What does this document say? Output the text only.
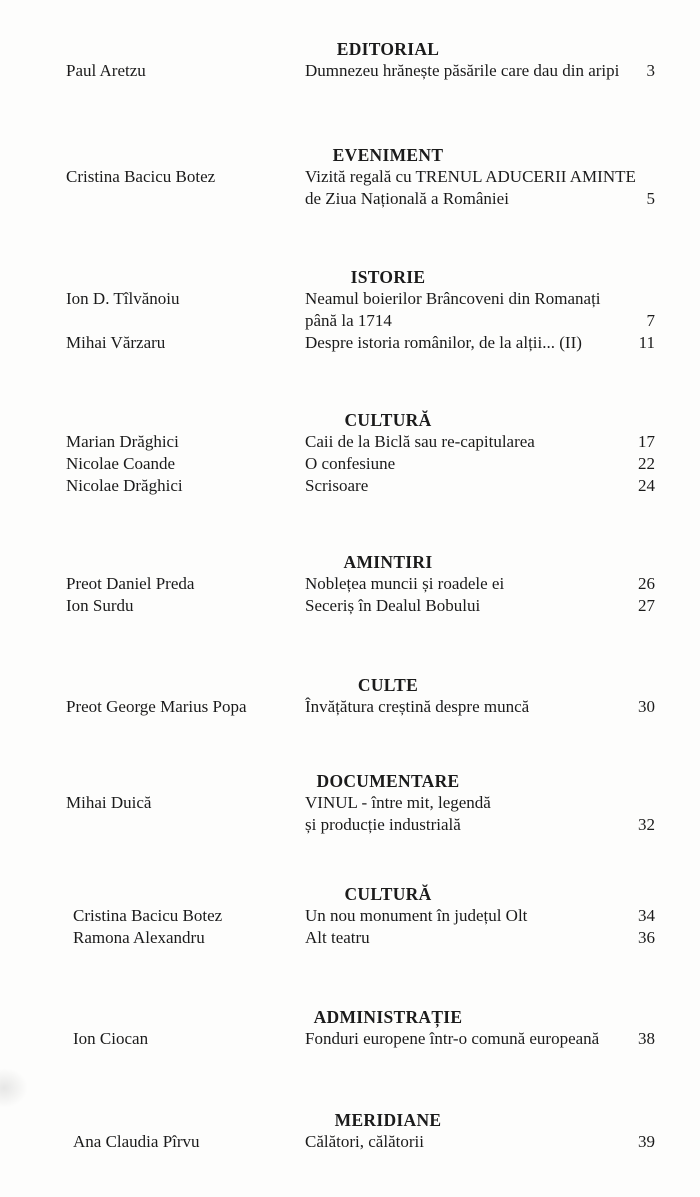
EDITORIAL
Paul Aretzu	Dumnezeu hrănește păsările care dau din aripi 3
EVENIMENT
Cristina Bacicu Botez	Vizită regală cu TRENUL ADUCERII AMINTE
de Ziua Națională a României	5
ISTORIE
Ion D. Tîlvănoiu	Neamul boierilor Brâncoveni din Romanați
până la 1714	7
Mihai Vărzaru	Despre istoria românilor, de la alții... (II)	11
CULTURĂ
Marian Drăghici	Caii de la Biclă sau re-capitularea	17
Nicolae Coande	O confesiune	22
Nicolae Drăghici	Scrisoare	24
AMINTIRI
Preot Daniel Preda	Noblețea muncii și roadele ei	26
Ion Surdu	Seceriș în Dealul Bobului	27
CULTE
Preot George Marius Popa	Învățătura creștină despre muncă	30
DOCUMENTARE
Mihai Duică	VINUL - între mit, legendă
și producție industrială	32
CULTURĂ
Cristina Bacicu Botez	Un nou monument în județul Olt	34
Ramona Alexandru	Alt teatru	36
ADMINISTRAȚIE
Ion Ciocan	Fonduri europene într-o comună europeană 38
MERIDIANE
Ana Claudia Pîrvu	Călători, călătorii	39
